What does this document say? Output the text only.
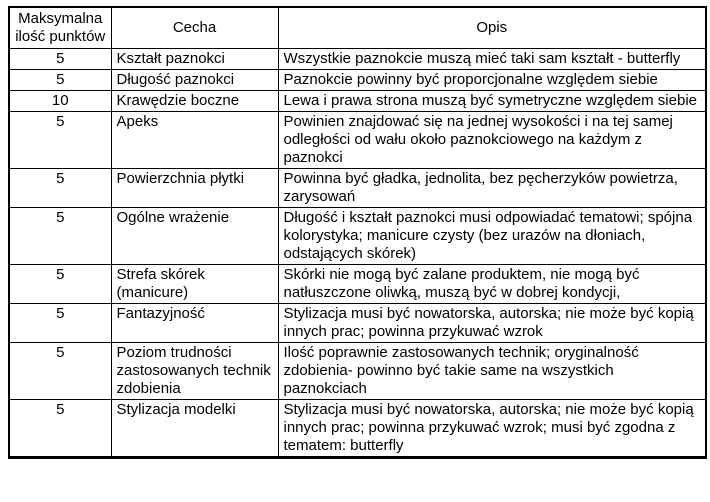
Maksymalna ilość punktów	Cecha	Opis
5	Kształt paznokci	Wszystkie paznokcie muszą mieć taki sam kształt - butterfly
5	Długość paznokci	Paznokcie powinny być proporcjonalne względem siebie
10	Krawędzie boczne	Lewa i prawa strona muszą być symetryczne względem siebie
5	Apeks	Powinien znajdować się na jednej wysokości i na tej samej odległości od wału około paznokciowego na każdym z paznokci
5	Powierzchnia płytki	Powinna być gładka, jednolita, bez pęcherzyków powietrza, zarysowań
5	Ogólne wrażenie	Długość i kształt paznokci musi odpowiadać tematowi; spójna kolorystyka; manicure czysty (bez urazów na dłoniach, odstających skórek)
5	Strefa skórek (manicure)	Skórki nie mogą być zalane produktem, nie mogą być natłuszczone oliwką, muszą być w dobrej kondycji,
5	Fantazyjność	Stylizacja musi być nowatorska, autorska; nie może być kopią innych prac; powinna przykuwać wzrok
5	Poziom trudności zastosowanych technik zdobienia	Ilość poprawnie zastosowanych technik; oryginalność zdobienia- powinno być takie same na wszystkich paznokciach
5	Stylizacja modelki	Stylizacja musi być nowatorska, autorska; nie może być kopią innych prac; powinna przykuwać wzrok; musi być zgodna z tematem: butterfly
